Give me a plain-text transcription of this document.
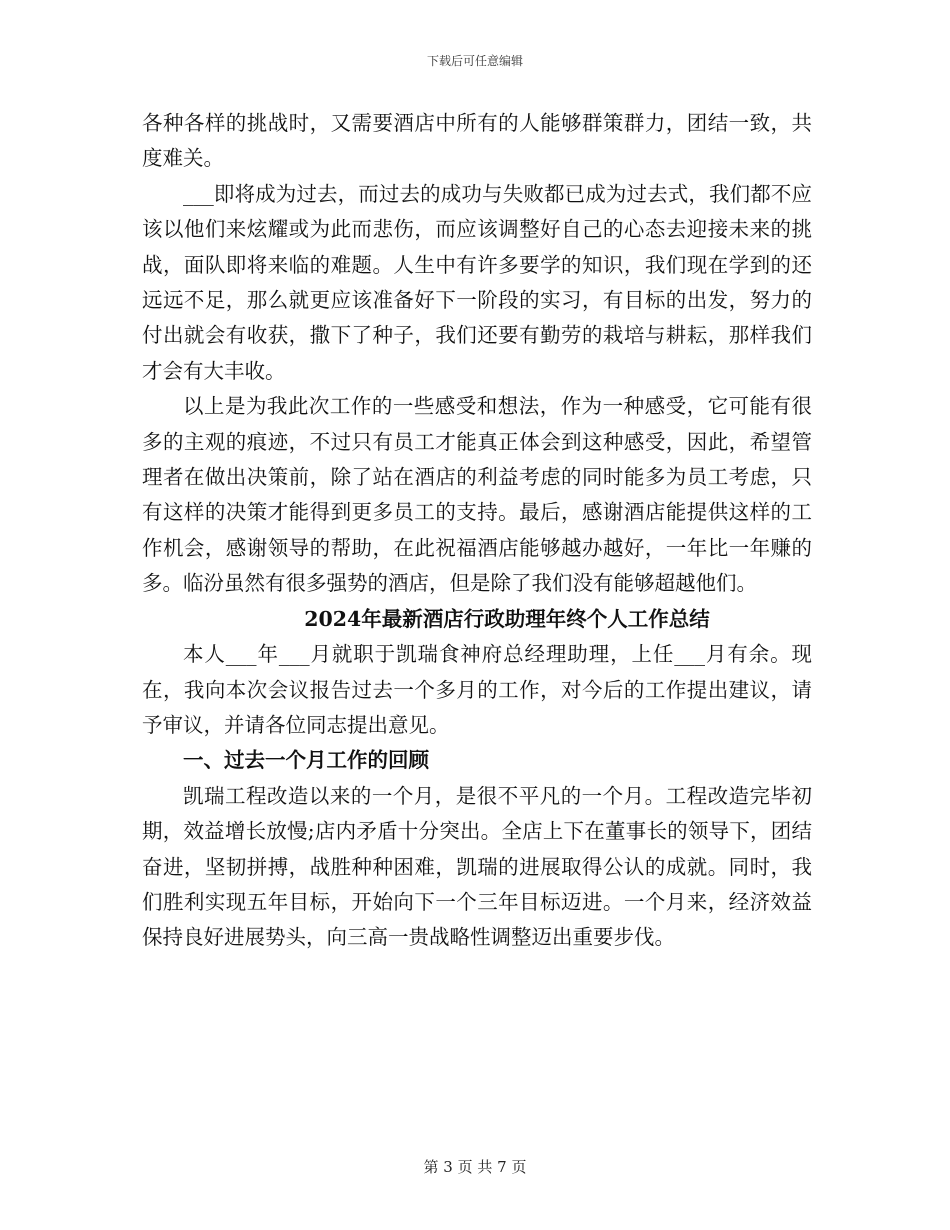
下载后可任意编辑

各种各样的挑战时，又需要酒店中所有的人能够群策群力，团结一致，共度难关。

___即将成为过去，而过去的成功与失败都已成为过去式，我们都不应该以他们来炫耀或为此而悲伤，而应该调整好自己的心态去迎接未来的挑战，面队即将来临的难题。人生中有许多要学的知识，我们现在学到的还远远不足，那么就更应该准备好下一阶段的实习，有目标的出发，努力的付出就会有收获，撒下了种子，我们还要有勤劳的栽培与耕耘，那样我们才会有大丰收。

以上是为我此次工作的一些感受和想法，作为一种感受，它可能有很多的主观的痕迹，不过只有员工才能真正体会到这种感受，因此，希望管理者在做出决策前，除了站在酒店的利益考虑的同时能多为员工考虑，只有这样的决策才能得到更多员工的支持。最后，感谢酒店能提供这样的工作机会，感谢领导的帮助，在此祝福酒店能够越办越好，一年比一年赚的多。临汾虽然有很多强势的酒店，但是除了我们没有能够超越他们。

2024年最新酒店行政助理年终个人工作总结

本人___年___月就职于凯瑞食神府总经理助理，上任___月有余。现在，我向本次会议报告过去一个多月的工作，对今后的工作提出建议，请予审议，并请各位同志提出意见。

一、过去一个月工作的回顾

凯瑞工程改造以来的一个月，是很不平凡的一个月。工程改造完毕初期，效益增长放慢;店内矛盾十分突出。全店上下在董事长的领导下，团结奋进，坚韧拼搏，战胜种种困难，凯瑞的进展取得公认的成就。同时，我们胜利实现五年目标，开始向下一个三年目标迈进。一个月来，经济效益保持良好进展势头，向三高一贵战略性调整迈出重要步伐。

第 3 页 共 7 页
